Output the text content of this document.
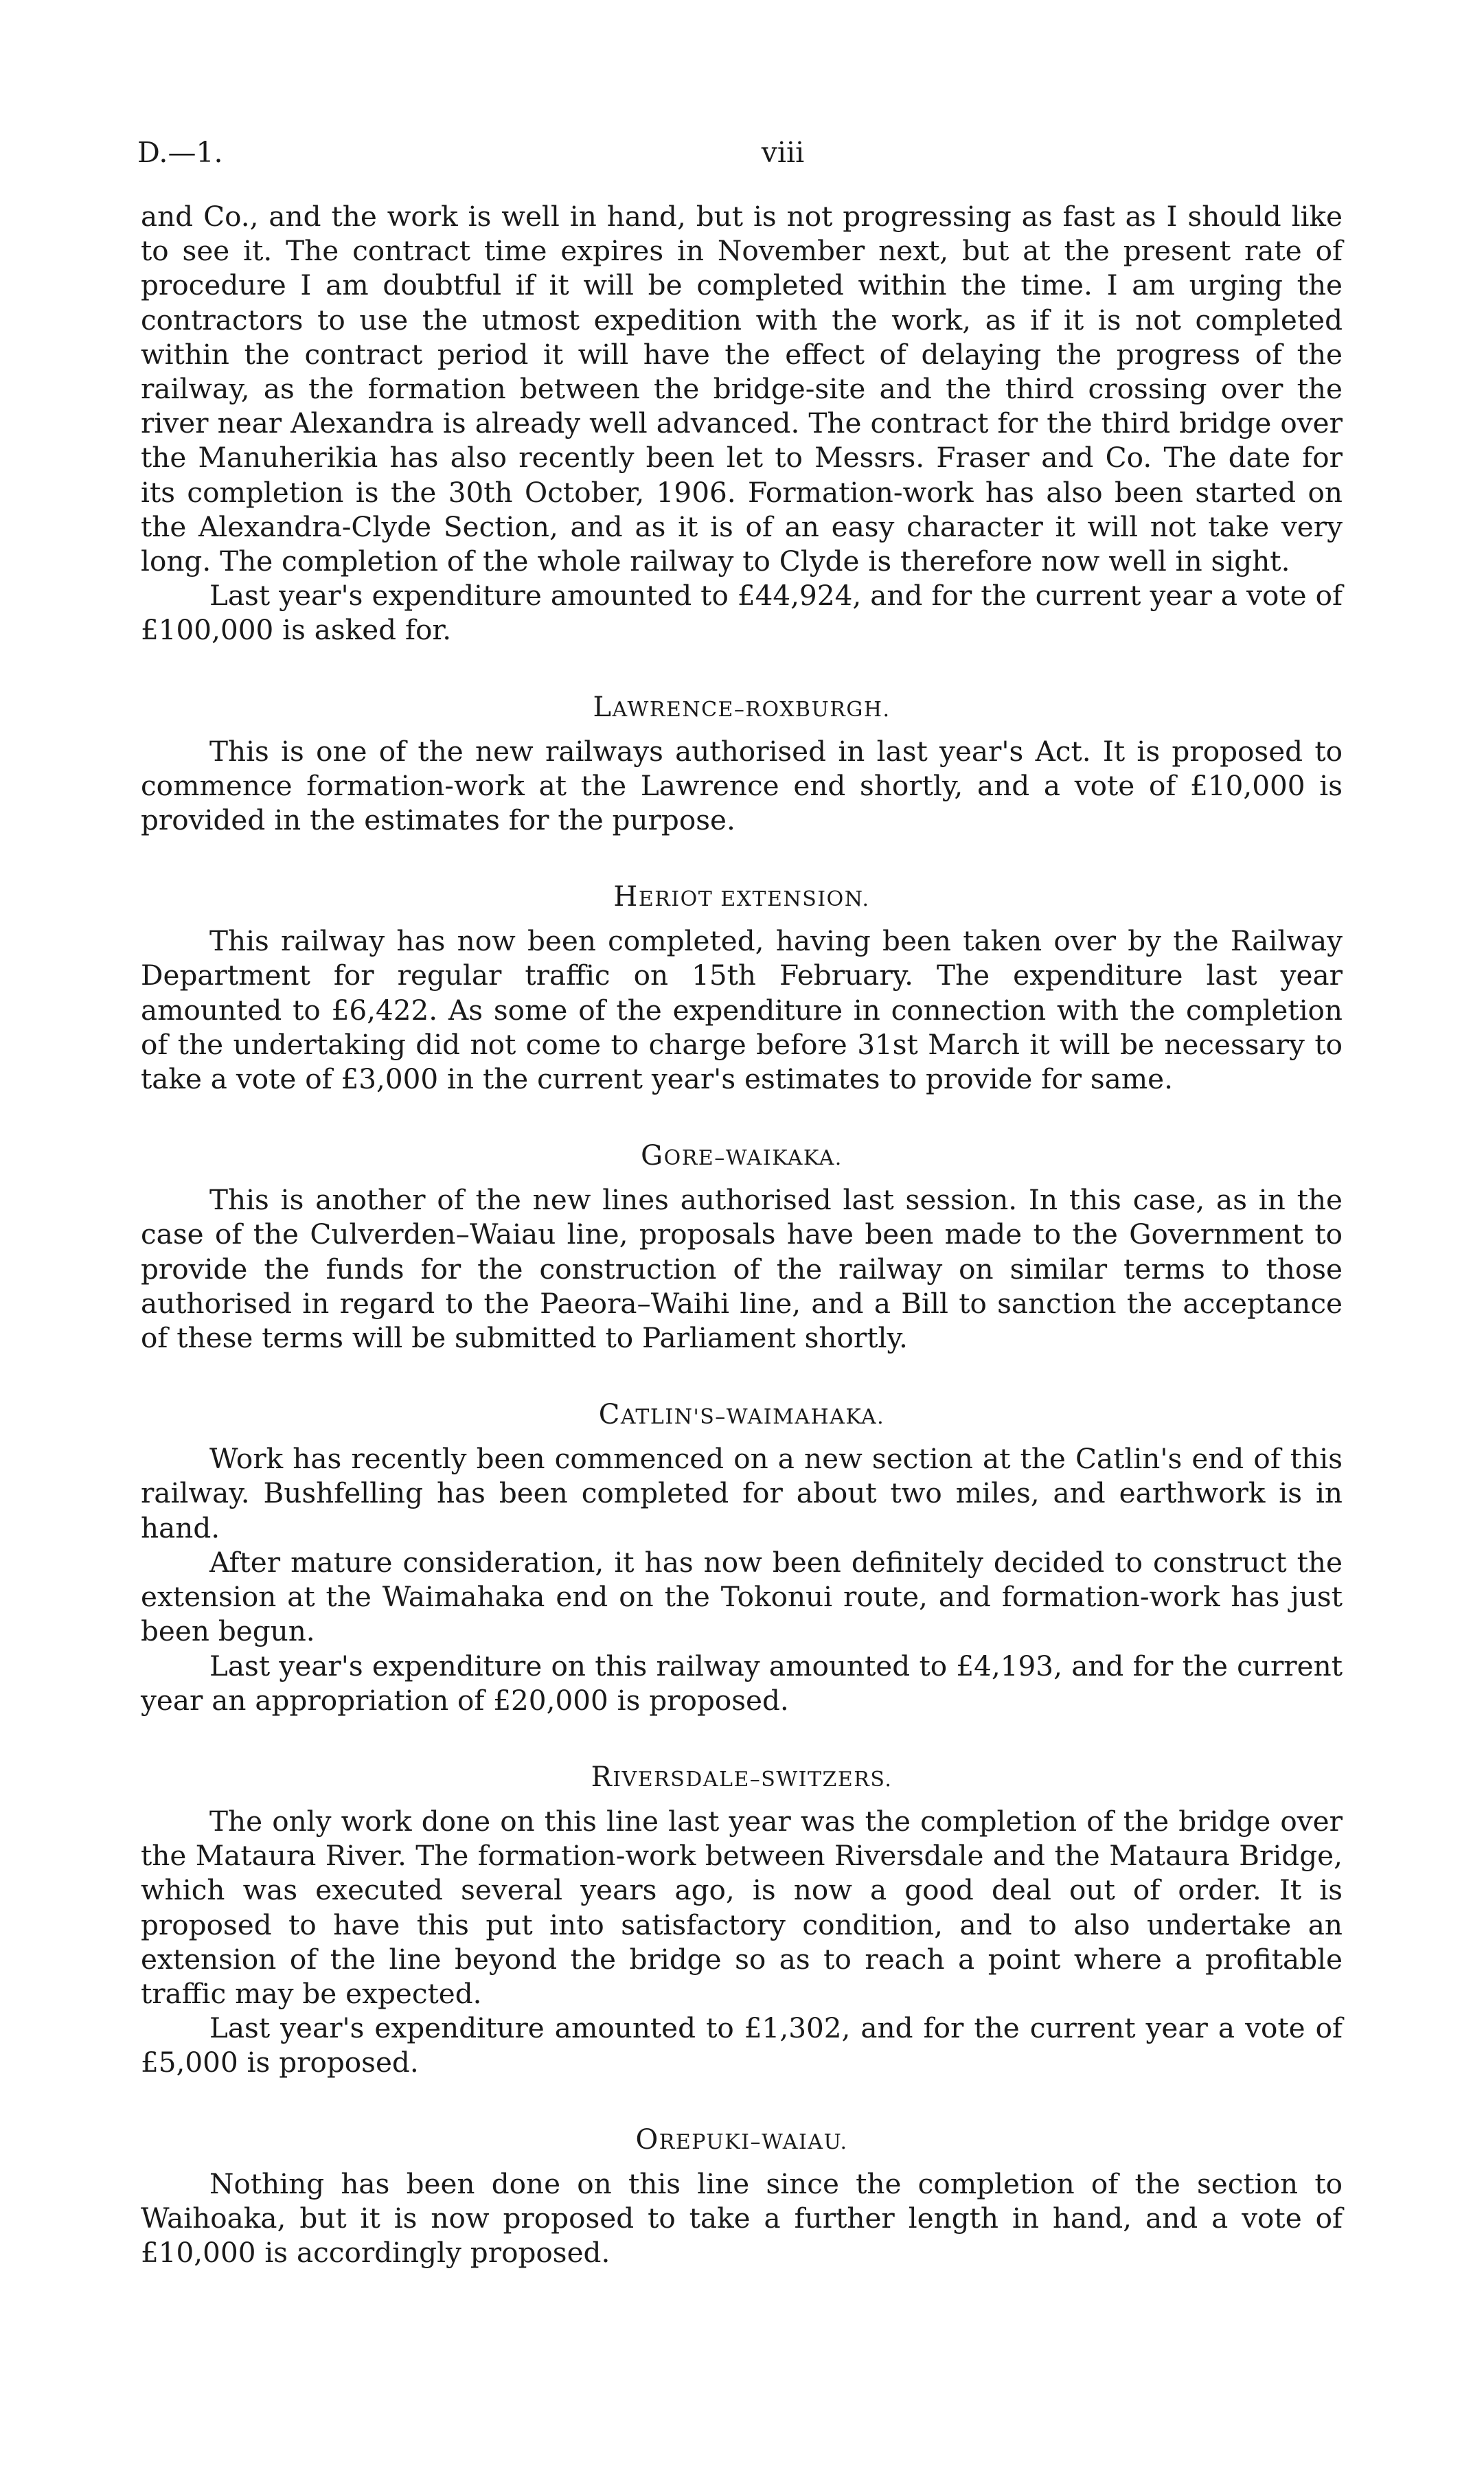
D.—1.	viii

and Co., and the work is well in hand, but is not progressing as fast as I should like to see it. The contract time expires in November next, but at the present rate of procedure I am doubtful if it will be completed within the time. I am urging the contractors to use the utmost expedition with the work, as if it is not completed within the contract period it will have the effect of delaying the progress of the railway, as the formation between the bridge-site and the third crossing over the river near Alexandra is already well advanced. The contract for the third bridge over the Manuherikia has also recently been let to Messrs. Fraser and Co. The date for its completion is the 30th October, 1906. Formation-work has also been started on the Alexandra-Clyde Section, and as it is of an easy character it will not take very long. The completion of the whole railway to Clyde is therefore now well in sight.

Last year's expenditure amounted to £44,924, and for the current year a vote of £100,000 is asked for.

LAWRENCE–ROXBURGH.

This is one of the new railways authorised in last year's Act. It is proposed to commence formation-work at the Lawrence end shortly, and a vote of £10,000 is provided in the estimates for the purpose.

HERIOT EXTENSION.

This railway has now been completed, having been taken over by the Railway Department for regular traffic on 15th February. The expenditure last year amounted to £6,422. As some of the expenditure in connection with the completion of the undertaking did not come to charge before 31st March it will be necessary to take a vote of £3,000 in the current year's estimates to provide for same.

GORE–WAIKAKA.

This is another of the new lines authorised last session. In this case, as in the case of the Culverden–Waiau line, proposals have been made to the Government to provide the funds for the construction of the railway on similar terms to those authorised in regard to the Paeora–Waihi line, and a Bill to sanction the acceptance of these terms will be submitted to Parliament shortly.

CATLIN'S–WAIMAHAKA.

Work has recently been commenced on a new section at the Catlin's end of this railway. Bushfelling has been completed for about two miles, and earthwork is in hand.

After mature consideration, it has now been definitely decided to construct the extension at the Waimahaka end on the Tokonui route, and formation-work has just been begun.

Last year's expenditure on this railway amounted to £4,193, and for the current year an appropriation of £20,000 is proposed.

RIVERSDALE–SWITZERS.

The only work done on this line last year was the completion of the bridge over the Mataura River. The formation-work between Riversdale and the Mataura Bridge, which was executed several years ago, is now a good deal out of order. It is proposed to have this put into satisfactory condition, and to also undertake an extension of the line beyond the bridge so as to reach a point where a profitable traffic may be expected.

Last year's expenditure amounted to £1,302, and for the current year a vote of £5,000 is proposed.

OREPUKI–WAIAU.

Nothing has been done on this line since the completion of the section to Waihoaka, but it is now proposed to take a further length in hand, and a vote of £10,000 is accordingly proposed.
